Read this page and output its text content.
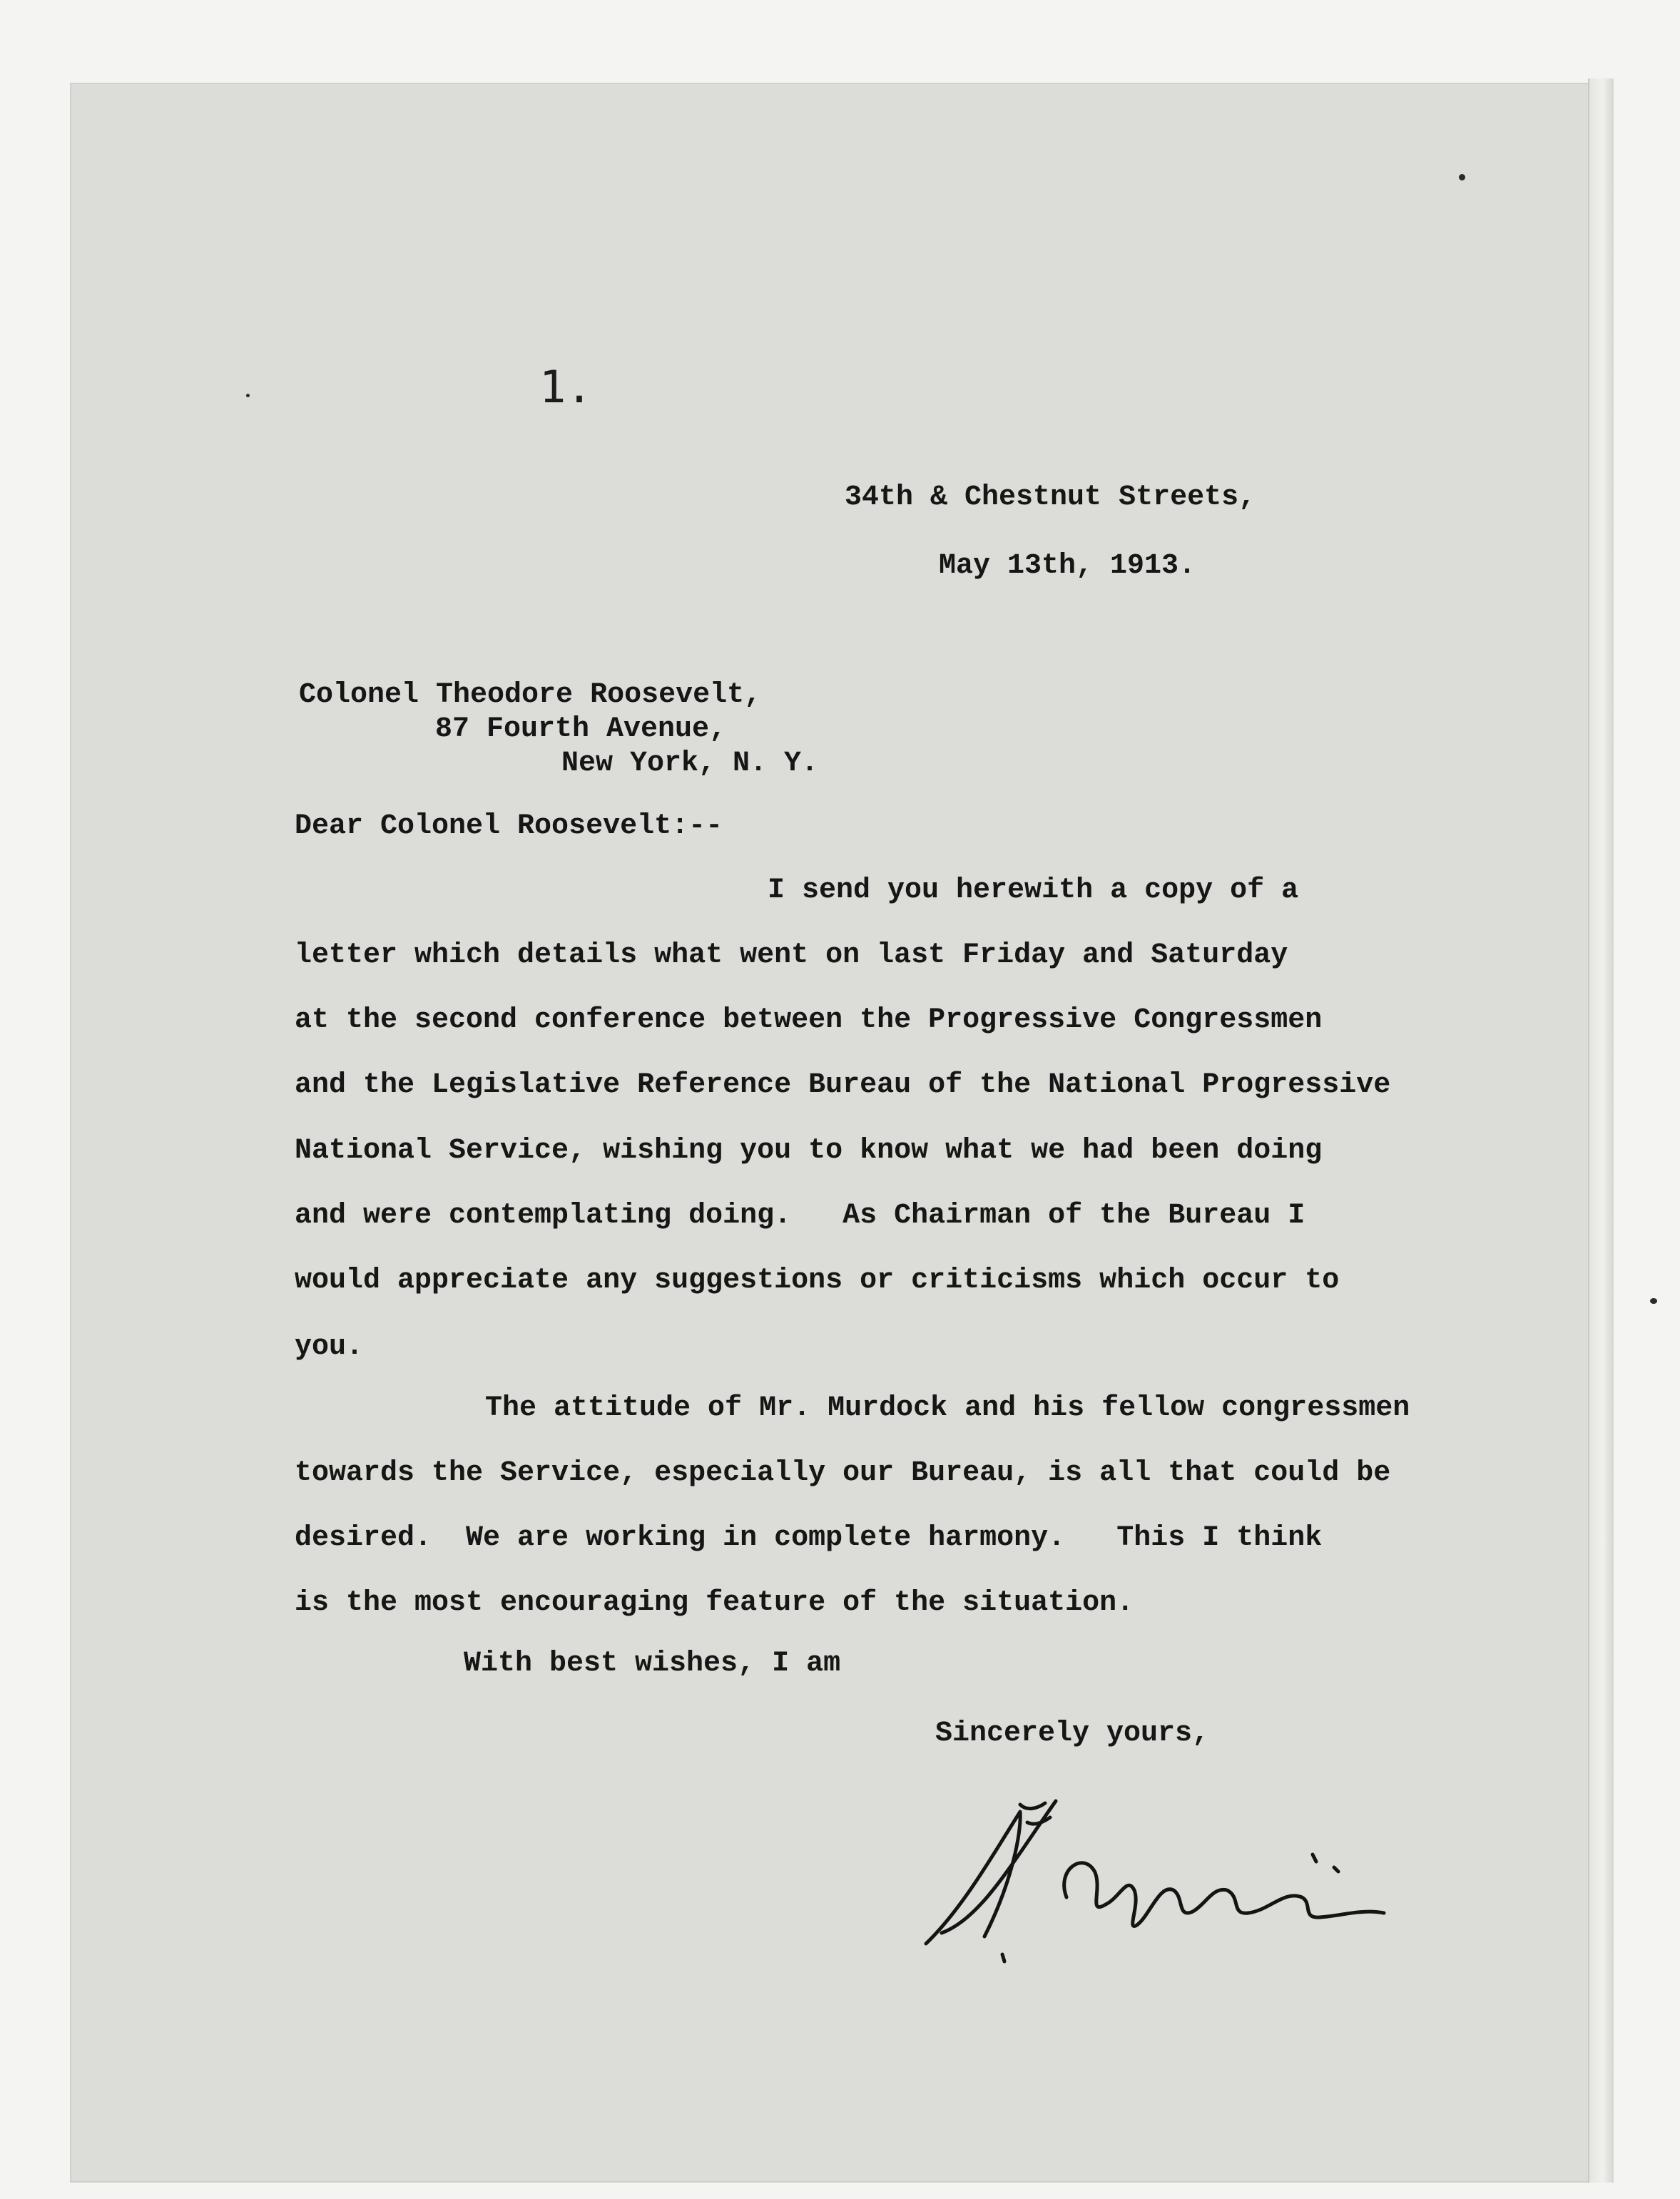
1.

34th & Chestnut Streets,

May 13th, 1913.

Colonel Theodore Roosevelt,

87 Fourth Avenue,

New York, N. Y.

Dear Colonel Roosevelt:--

I send you herewith a copy of a

letter which details what went on last Friday and Saturday

at the second conference between the Progressive Congressmen

and the Legislative Reference Bureau of the National Progressive

National Service, wishing you to know what we had been doing

and were contemplating doing.   As Chairman of the Bureau I

would appreciate any suggestions or criticisms which occur to

you.

The attitude of Mr. Murdock and his fellow congressmen

towards the Service, especially our Bureau, is all that could be

desired.  We are working in complete harmony.   This I think

is the most encouraging feature of the situation.

With best wishes, I am

Sincerely yours,
